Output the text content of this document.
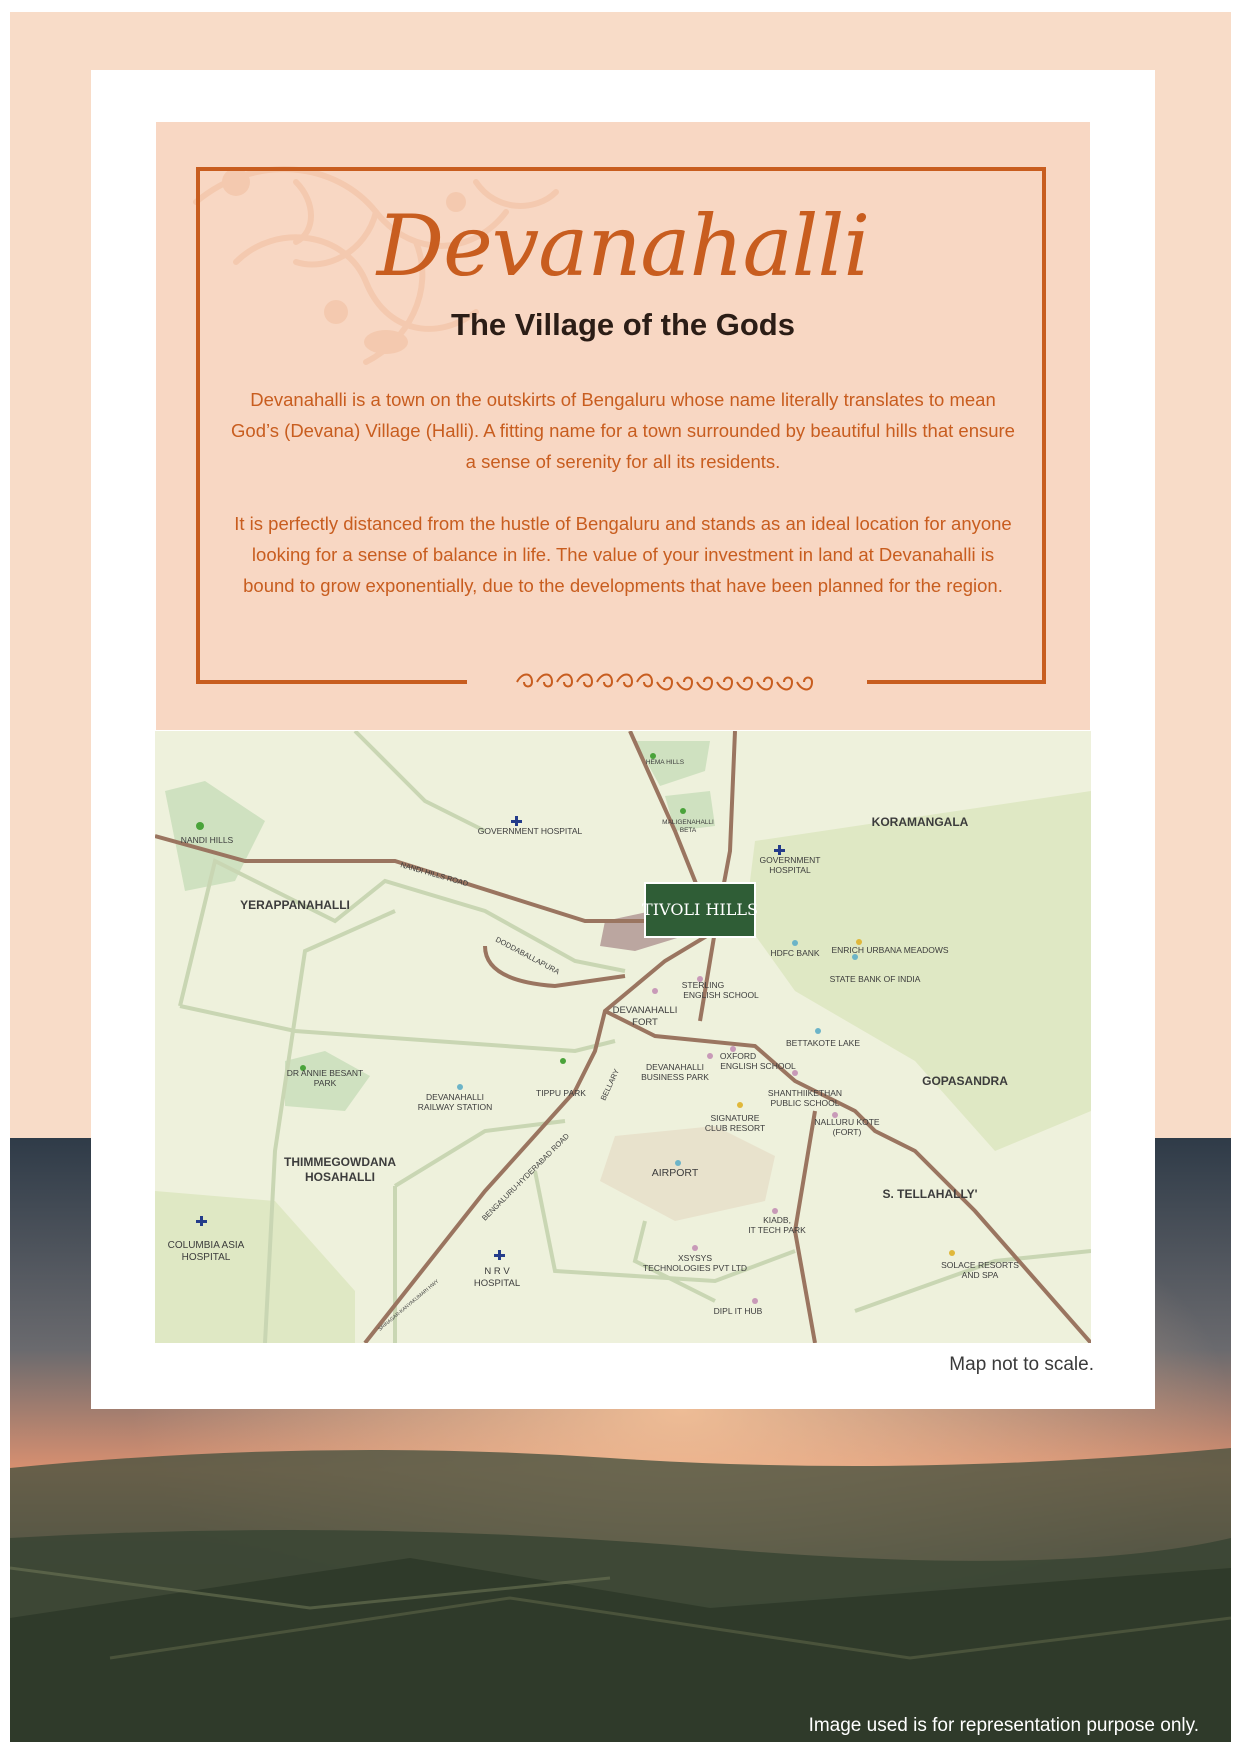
Image used is for representation purpose only.
Devanahalli
The Village of the Gods
Devanahalli is a town on the outskirts of Bengaluru whose name literally translates to mean God’s (Devana) Village (Halli). A fitting name for a town surrounded by beautiful hills that ensure a sense of serenity for all its residents.
It is perfectly distanced from the hustle of Bengaluru and stands as an ideal location for anyone looking for a sense of balance in life. The value of your investment in land at Devanahalli is bound to grow exponentially, due to the developments that have been planned for the region.
TIVOLI HILLS
KORAMANGALA
YERAPPANAHALLI
GOPASANDRA
THIMMEGOWDANA
HOSAHALLI
S. TELLAHALLY'
NANDI HILLS ROAD
DODDABALLAPURA
BENGALURU-HYDERABAD ROAD
BELLARY
SRINAGAR-KANYAKUMARI HWY
HEMA HILLS
MALIGENAHALLI
BETA
NANDI HILLS
GOVERNMENT HOSPITAL
GOVERNMENT
HOSPITAL
HDFC BANK ENRICH URBANA MEADOWS
STATE BANK OF INDIA
STERLING
ENGLISH SCHOOL
DEVANAHALLI
FORT
BETTAKOTE LAKE
OXFORD
ENGLISH SCHOOL
DEVANAHALLI
BUSINESS PARK
SHANTHIIKETHAN
PUBLIC SCHOOL
SIGNATURE
CLUB RESORT
NALLURU KOTE
(FORT)
DR ANNIE BESANT
PARK
DEVANAHALLI
RAILWAY STATION
TIPPU PARK
AIRPORT
KIADB,
IT TECH PARK
COLUMBIA ASIA
HOSPITAL
N R V
HOSPITAL
XSYSYS
TECHNOLOGIES PVT LTD	SOLACE RESORTS
AND SPA
DIPL IT HUB
Map not to scale.
